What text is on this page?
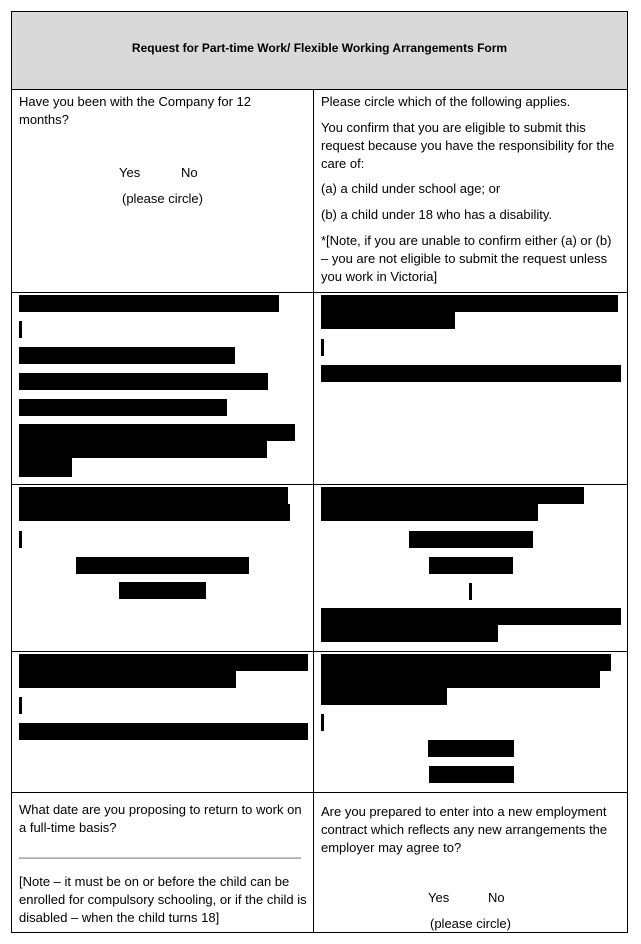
Request for Part-time Work/ Flexible Working Arrangements Form

Have you been with the Company for 12 months?

Yes	No

(please circle)

Please circle which of the following applies.

You confirm that you are eligible to submit this request because you have the responsibility for the care of:

(a) a child under school age; or

(b) a child under 18 who has a disability.

*[Note, if you are unable to confirm either (a) or (b) – you are not eligible to submit the request unless you work in Victoria]

What date are you proposing to return to work on a full-time basis?

_______________________________________

[Note – it must be on or before the child can be enrolled for compulsory schooling, or if the child is disabled – when the child turns 18]

Are you prepared to enter into a new employment contract which reflects any new arrangements the employer may agree to?

Yes	No

(please circle)
